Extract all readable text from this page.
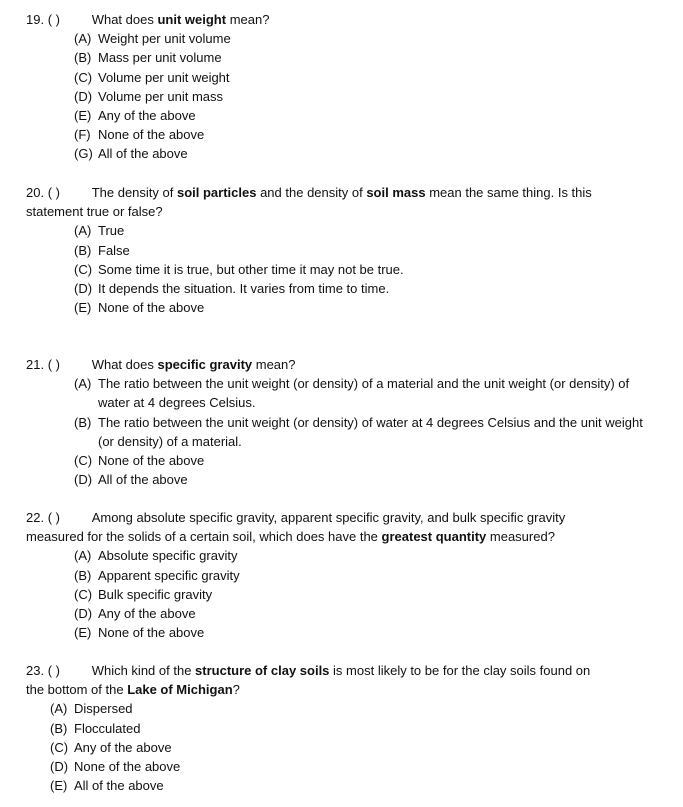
19. ( ) What does unit weight mean?
(A) Weight per unit volume
(B) Mass per unit volume
(C) Volume per unit weight
(D) Volume per unit mass
(E) Any of the above
(F) None of the above
(G) All of the above
20. ( ) The density of soil particles and the density of soil mass mean the same thing. Is this
statement true or false?
(A) True
(B) False
(C) Some time it is true, but other time it may not be true.
(D) It depends the situation. It varies from time to time.
(E) None of the above
21. ( ) What does specific gravity mean?
(A) The ratio between the unit weight (or density) of a material and the unit weight (or density) of water at 4 degrees Celsius.
(B) The ratio between the unit weight (or density) of water at 4 degrees Celsius and the unit weight (or density) of a material.
(C) None of the above
(D) All of the above
22. ( ) Among absolute specific gravity, apparent specific gravity, and bulk specific gravity
measured for the solids of a certain soil, which does have the greatest quantity measured?
(A) Absolute specific gravity
(B) Apparent specific gravity
(C) Bulk specific gravity
(D) Any of the above
(E) None of the above
23. ( ) Which kind of the structure of clay soils is most likely to be for the clay soils found on
the bottom of the Lake of Michigan?
(A) Dispersed
(B) Flocculated
(C) Any of the above
(D) None of the above
(E) All of the above
